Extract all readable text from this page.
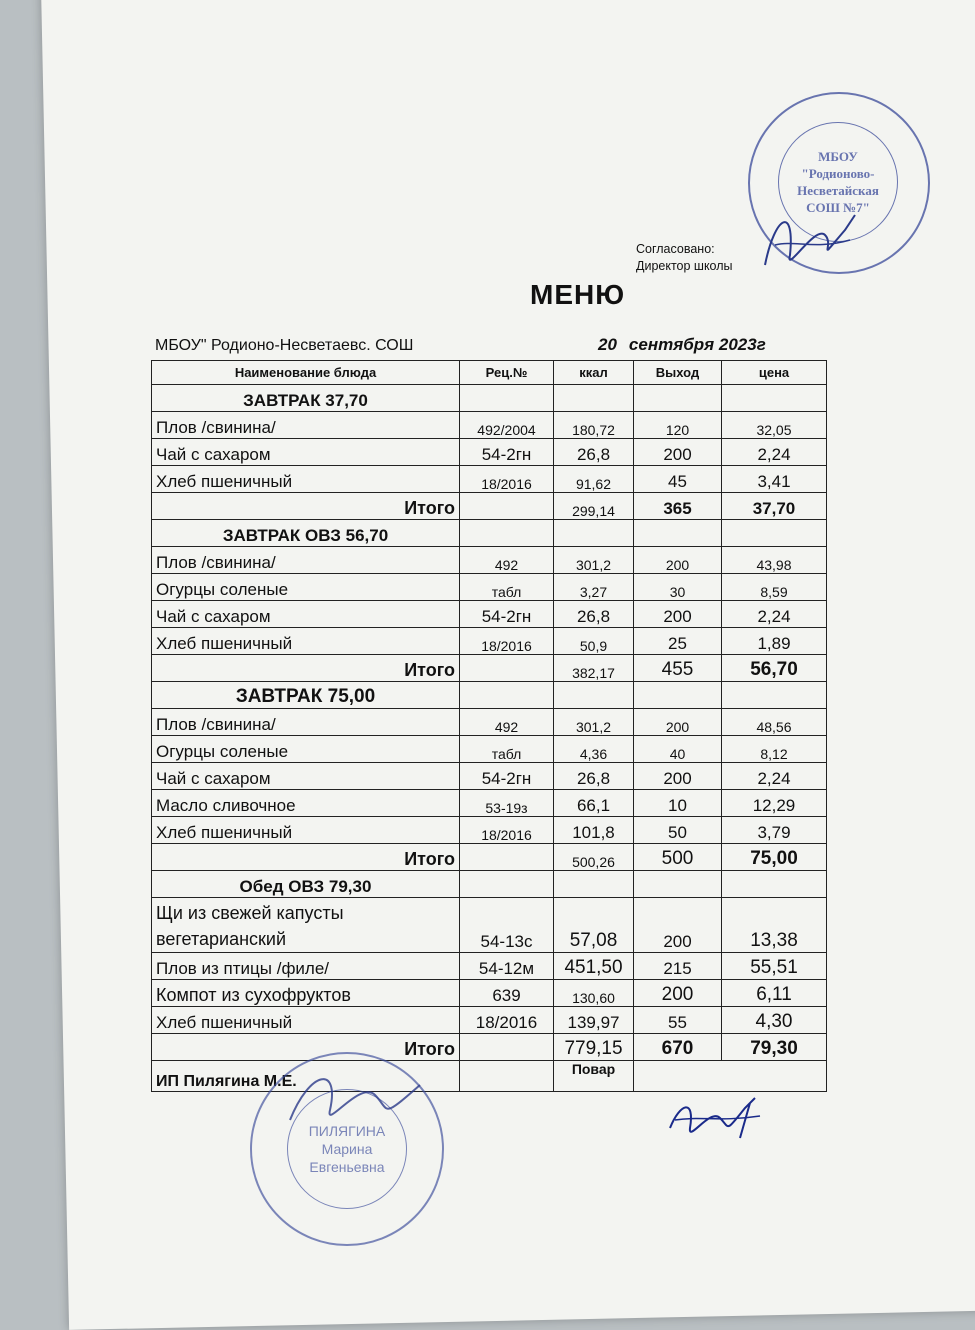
Согласовано:
Директор школы
МБОУ
"Родионово-
Несветайская
СОШ №7"
МЕНЮ
МБОУ" Родионо-Несветаевс. СОШ	20 сентября 2023г
Наименование блюда	Рец.№	ккал	Выход	цена
ЗАВТРАК 37,70				
Плов /свинина/	492/2004	180,72	120	32,05
Чай с сахаром	54-2гн	26,8	200	2,24
Хлеб пшеничный	18/2016	91,62	45	3,41
Итого		299,14	365	37,70
ЗАВТРАК ОВЗ 56,70				
Плов /свинина/	492	301,2	200	43,98
Огурцы соленые	табл	3,27	30	8,59
Чай с сахаром	54-2гн	26,8	200	2,24
Хлеб пшеничный	18/2016	50,9	25	1,89
Итого		382,17	455	56,70
ЗАВТРАК 75,00				
Плов /свинина/	492	301,2	200	48,56
Огурцы соленые	табл	4,36	40	8,12
Чай с сахаром	54-2гн	26,8	200	2,24
Масло сливочное	53-19з	66,1	10	12,29
Хлеб пшеничный	18/2016	101,8	50	3,79
Итого		500,26	500	75,00
Обед ОВЗ 79,30				
Щи из свежей капусты вегетарианский	54-13с	57,08	200	13,38
Плов из птицы /филе/	54-12м	451,50	215	55,51
Компот из сухофруктов	639	130,60	200	6,11
Хлеб пшеничный	18/2016	139,97	55	4,30
Итого		779,15	670	79,30
ИП Пилягина М.Е.		Повар		
ПИЛЯГИНА
Марина
Евгеньевна
